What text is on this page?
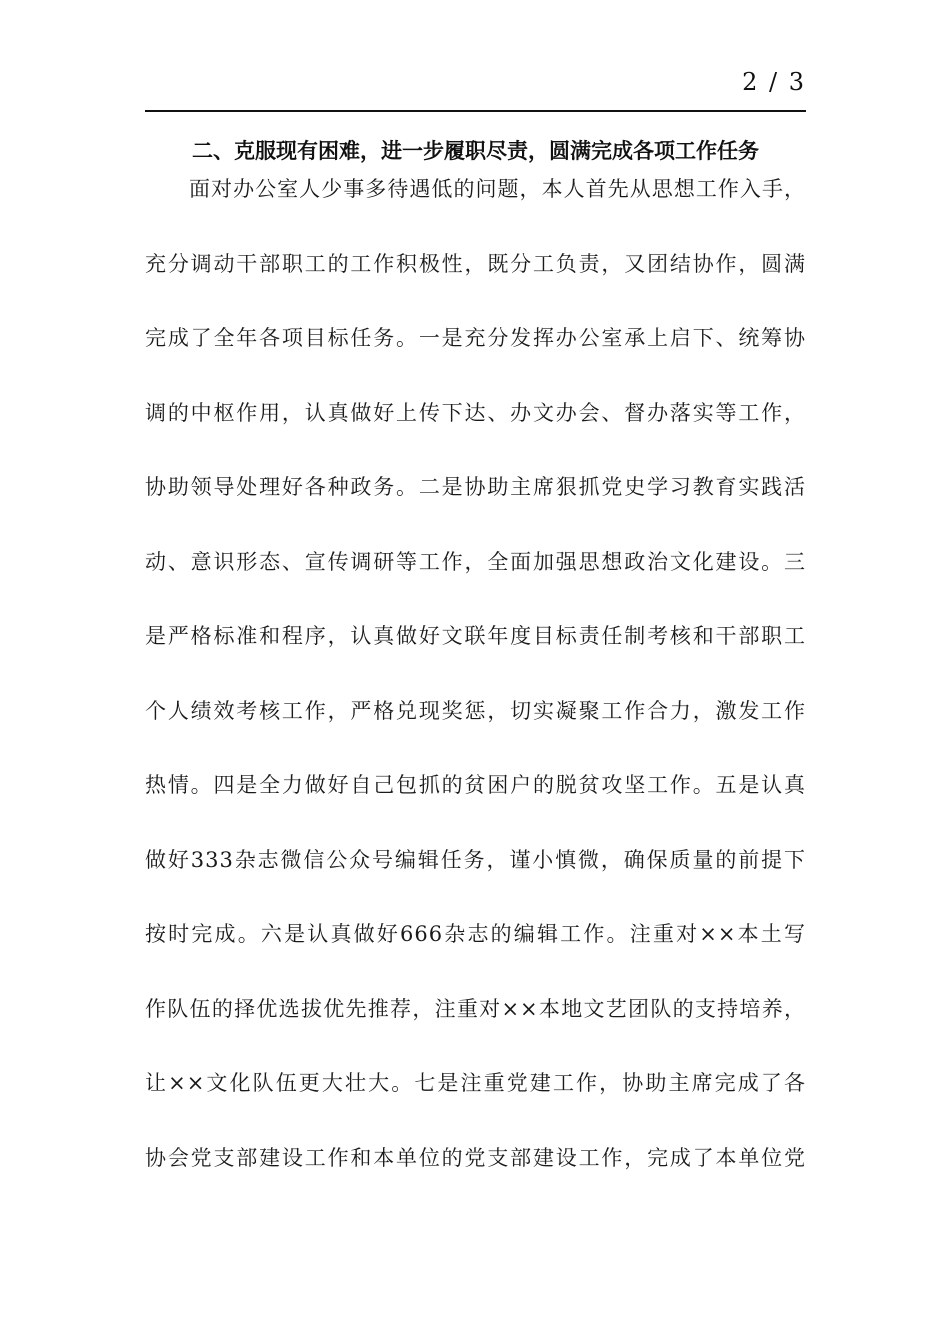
2 / 3
二、克服现有困难，进一步履职尽责，圆满完成各项工作任务
面对办公室人少事多待遇低的问题，本人首先从思想工作入手，
充分调动干部职工的工作积极性，既分工负责，又团结协作，圆满
完成了全年各项目标任务。一是充分发挥办公室承上启下、统筹协
调的中枢作用，认真做好上传下达、办文办会、督办落实等工作，
协助领导处理好各种政务。二是协助主席狠抓党史学习教育实践活
动、意识形态、宣传调研等工作，全面加强思想政治文化建设。三
是严格标准和程序，认真做好文联年度目标责任制考核和干部职工
个人绩效考核工作，严格兑现奖惩，切实凝聚工作合力，激发工作
热情。四是全力做好自己包抓的贫困户的脱贫攻坚工作。五是认真
做好333杂志微信公众号编辑任务，谨小慎微，确保质量的前提下
按时完成。六是认真做好666杂志的编辑工作。注重对××本土写
作队伍的择优选拔优先推荐，注重对××本地文艺团队的支持培养，
让××文化队伍更大壮大。七是注重党建工作，协助主席完成了各
协会党支部建设工作和本单位的党支部建设工作，完成了本单位党
